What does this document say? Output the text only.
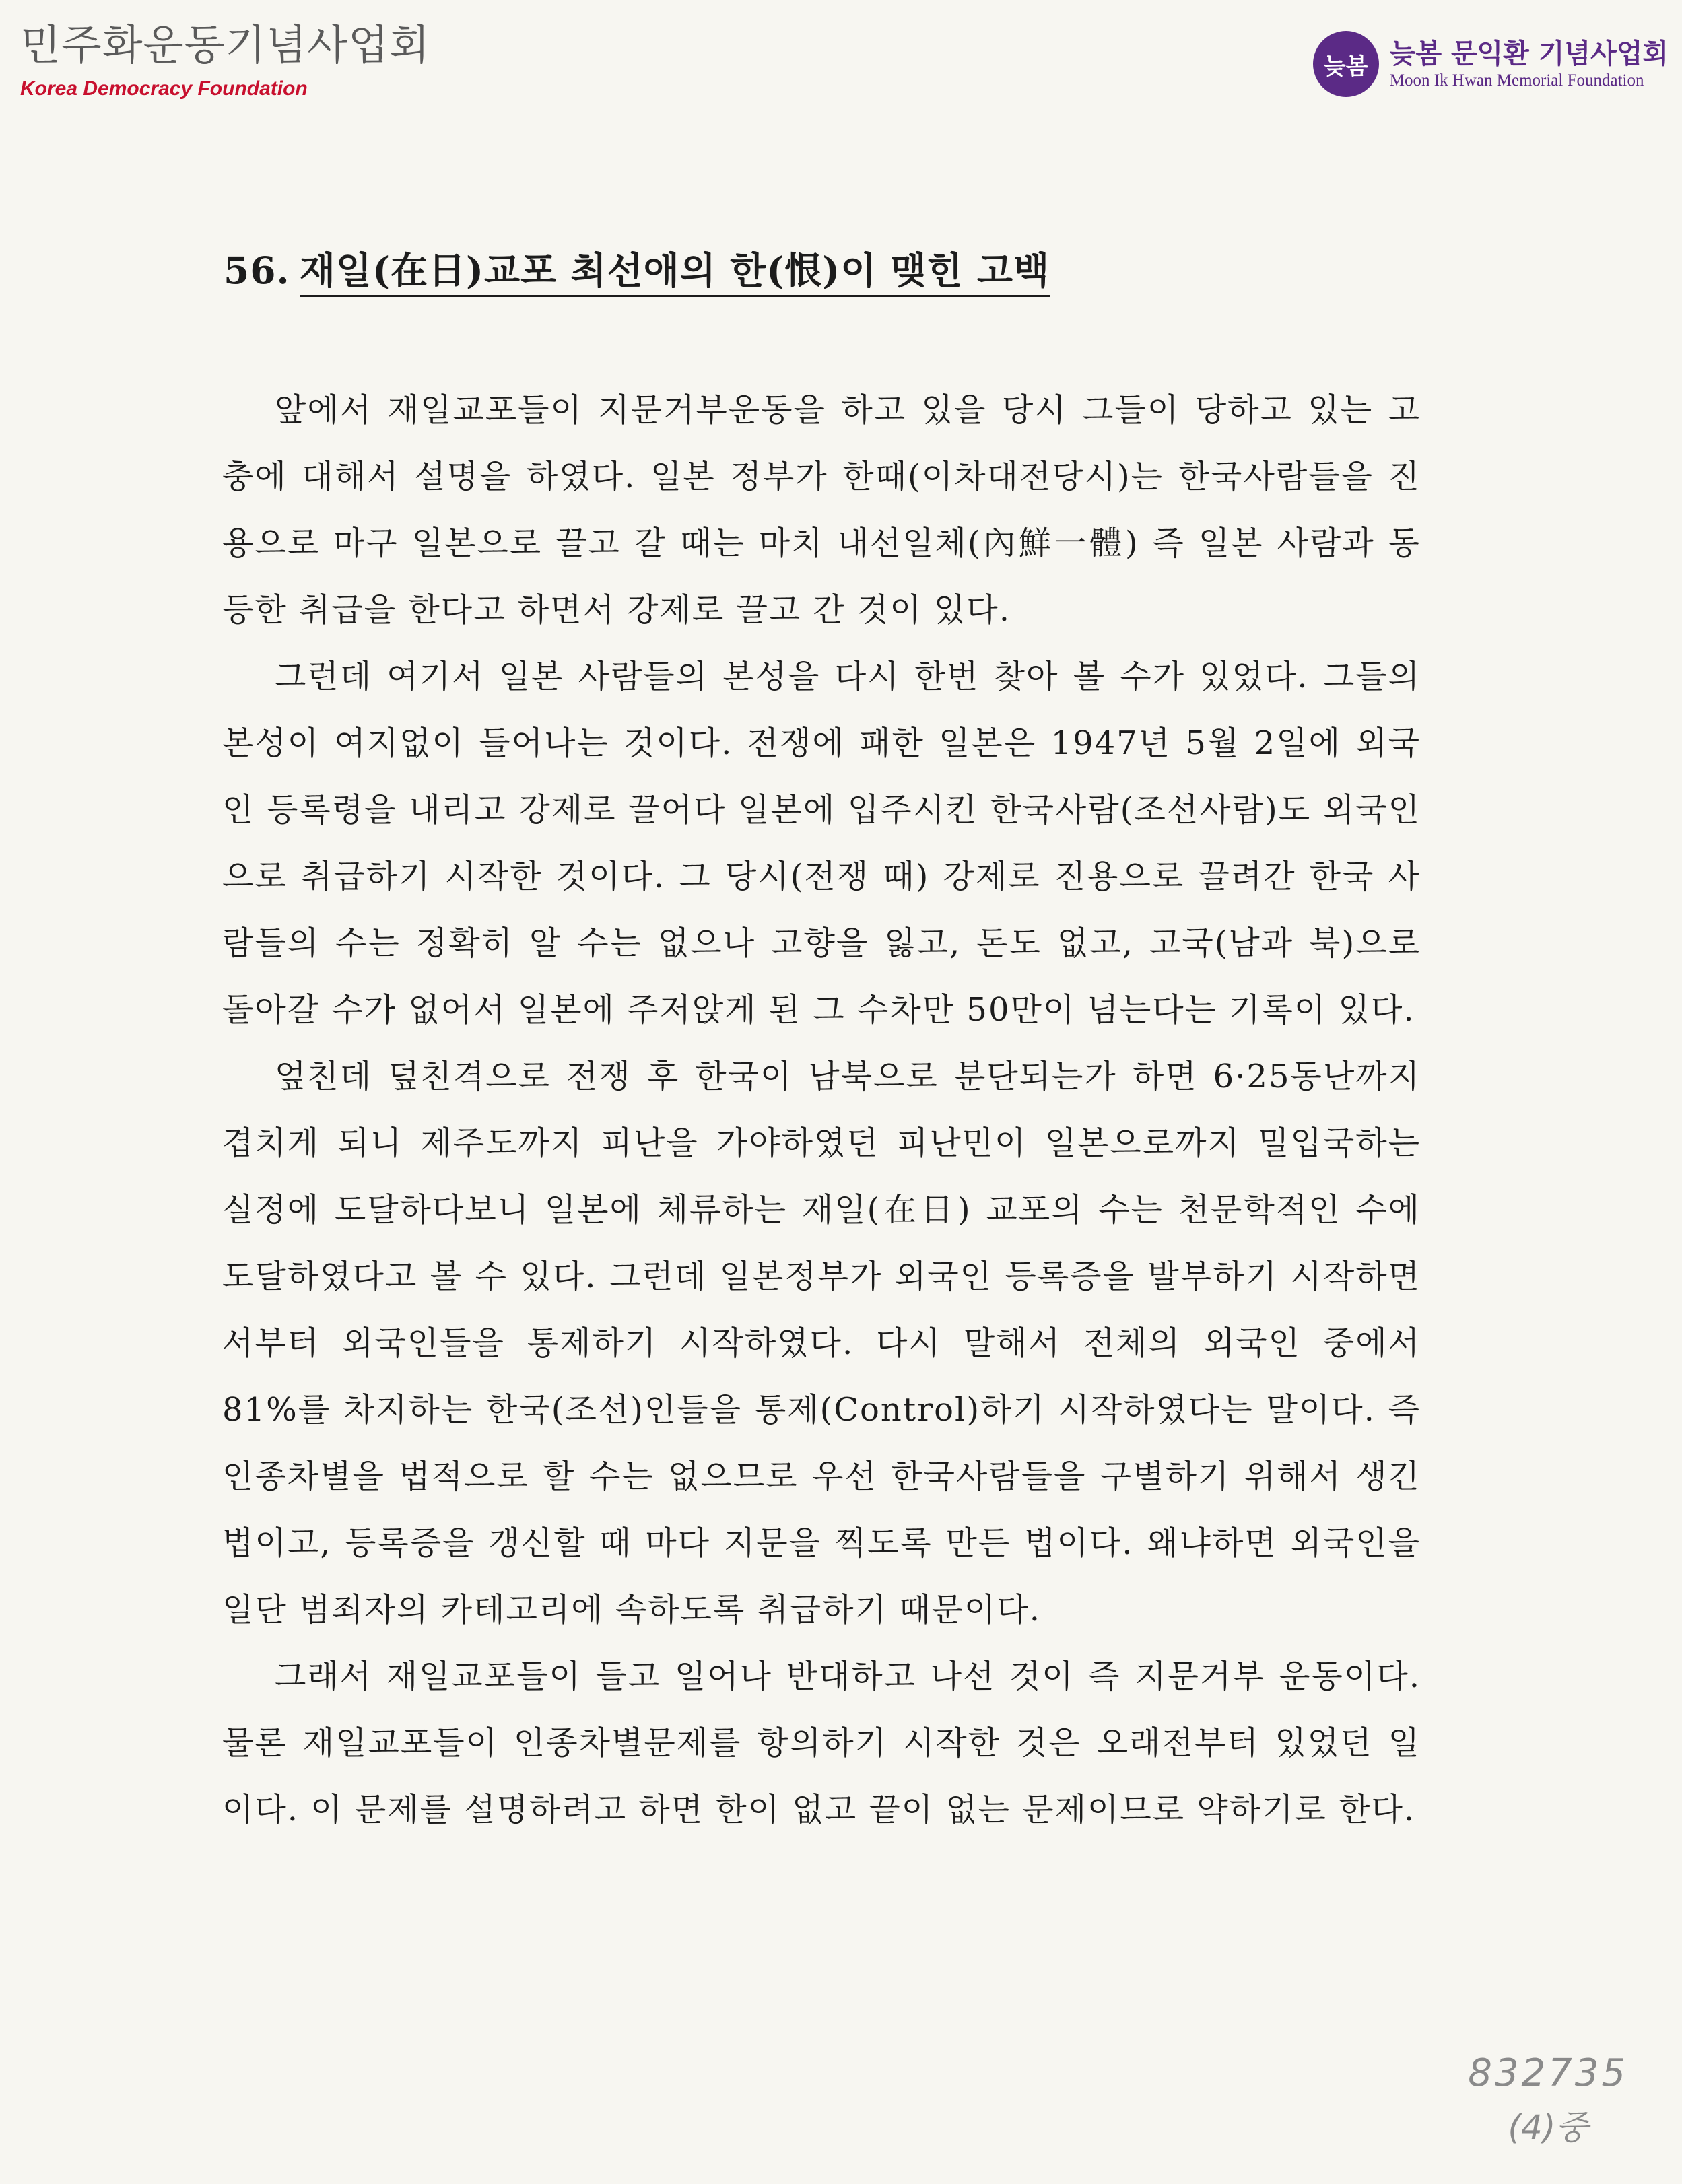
민주화운동기념사업회
Korea Democracy Foundation
늦봄 늦봄 문익환 기념사업회
Moon Ik Hwan Memorial Foundation
56. 재일(在日)교포 최선애의 한(恨)이 맺힌 고백

앞에서 재일교포들이 지문거부운동을 하고 있을 당시 그들이 당하고 있는 고충에 대해서 설명을 하였다. 일본 정부가 한때(이차대전당시)는 한국사람들을 진용으로 마구 일본으로 끌고 갈 때는 마치 내선일체(內鮮一體) 즉 일본 사람과 동등한 취급을 한다고 하면서 강제로 끌고 간 것이 있다.

그런데 여기서 일본 사람들의 본성을 다시 한번 찾아 볼 수가 있었다. 그들의 본성이 여지없이 들어나는 것이다. 전쟁에 패한 일본은 1947년 5월 2일에 외국인 등록령을 내리고 강제로 끌어다 일본에 입주시킨 한국사람(조선사람)도 외국인으로 취급하기 시작한 것이다. 그 당시(전쟁 때) 강제로 진용으로 끌려간 한국 사람들의 수는 정확히 알 수는 없으나 고향을 잃고, 돈도 없고, 고국(남과 북)으로 돌아갈 수가 없어서 일본에 주저앉게 된 그 수차만 50만이 넘는다는 기록이 있다.

엎친데 덮친격으로 전쟁 후 한국이 남북으로 분단되는가 하면 6·25동난까지 겹치게 되니 제주도까지 피난을 가야하였던 피난민이 일본으로까지 밀입국하는 실정에 도달하다보니 일본에 체류하는 재일(在日) 교포의 수는 천문학적인 수에 도달하였다고 볼 수 있다. 그런데 일본정부가 외국인 등록증을 발부하기 시작하면서부터 외국인들을 통제하기 시작하였다. 다시 말해서 전체의 외국인 중에서 81%를 차지하는 한국(조선)인들을 통제(Control)하기 시작하였다는 말이다. 즉 인종차별을 법적으로 할 수는 없으므로 우선 한국사람들을 구별하기 위해서 생긴 법이고, 등록증을 갱신할 때 마다 지문을 찍도록 만든 법이다. 왜냐하면 외국인을 일단 범죄자의 카테고리에 속하도록 취급하기 때문이다.

그래서 재일교포들이 들고 일어나 반대하고 나선 것이 즉 지문거부 운동이다. 물론 재일교포들이 인종차별문제를 항의하기 시작한 것은 오래전부터 있었던 일이다. 이 문제를 설명하려고 하면 한이 없고 끝이 없는 문제이므로 약하기로 한다.

832735
(4)중
